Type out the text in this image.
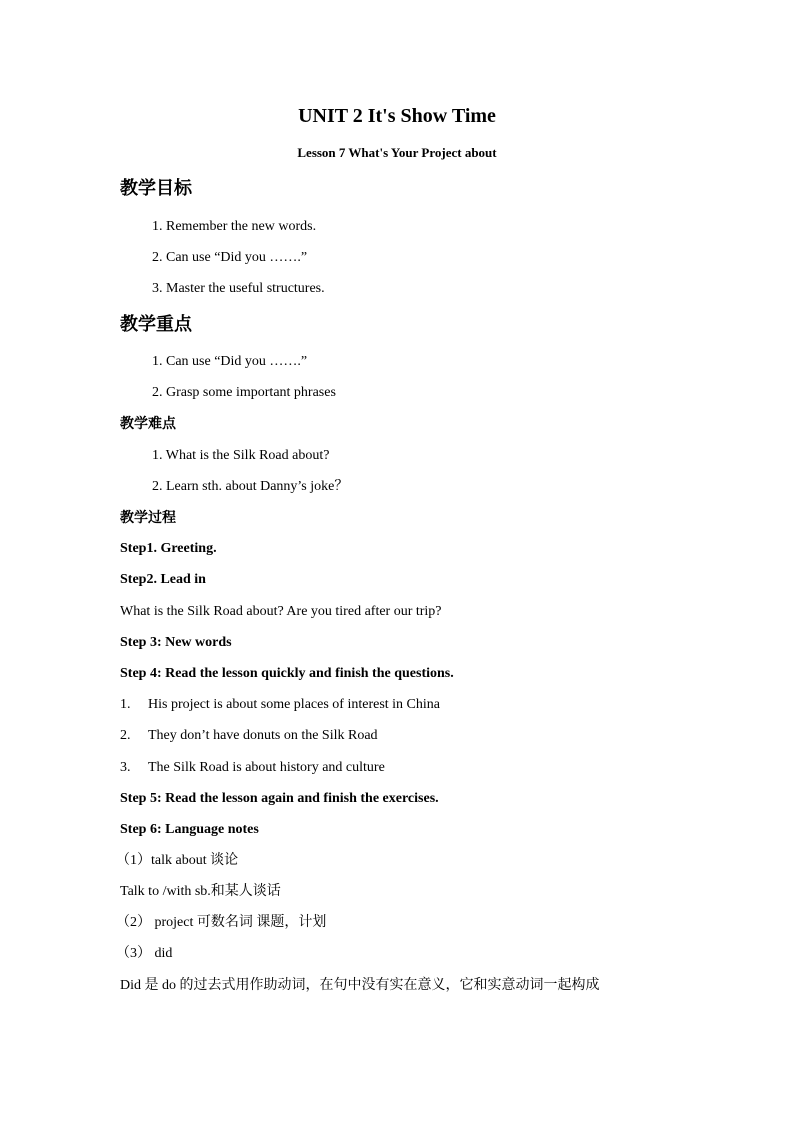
UNIT 2 It's Show Time
Lesson 7 What's Your Project about
教学目标
1. Remember the new words.
2. Can use “Did you …….”
3. Master the useful structures.
教学重点
1. Can use “Did you …….”
2. Grasp some important phrases
教学难点
1. What is the Silk Road about?
2. Learn sth. about Danny’s joke？
教学过程
Step1. Greeting.
Step2. Lead in
What is the Silk Road about? Are you tired after our trip?
Step 3: New words
Step 4: Read the lesson quickly and finish the questions.
1. His project is about some places of interest in China
2. They don’t have donuts on the Silk Road
3. The Silk Road is about history and culture
Step 5: Read the lesson again and finish the exercises.
Step 6: Language notes
（1）talk about 谈论
Talk to /with sb.和某人谈话
（2） project 可数名词 课题，计划
（3） did
Did 是 do 的过去式用作助动词，在句中没有实在意义，它和实意动词一起构成
